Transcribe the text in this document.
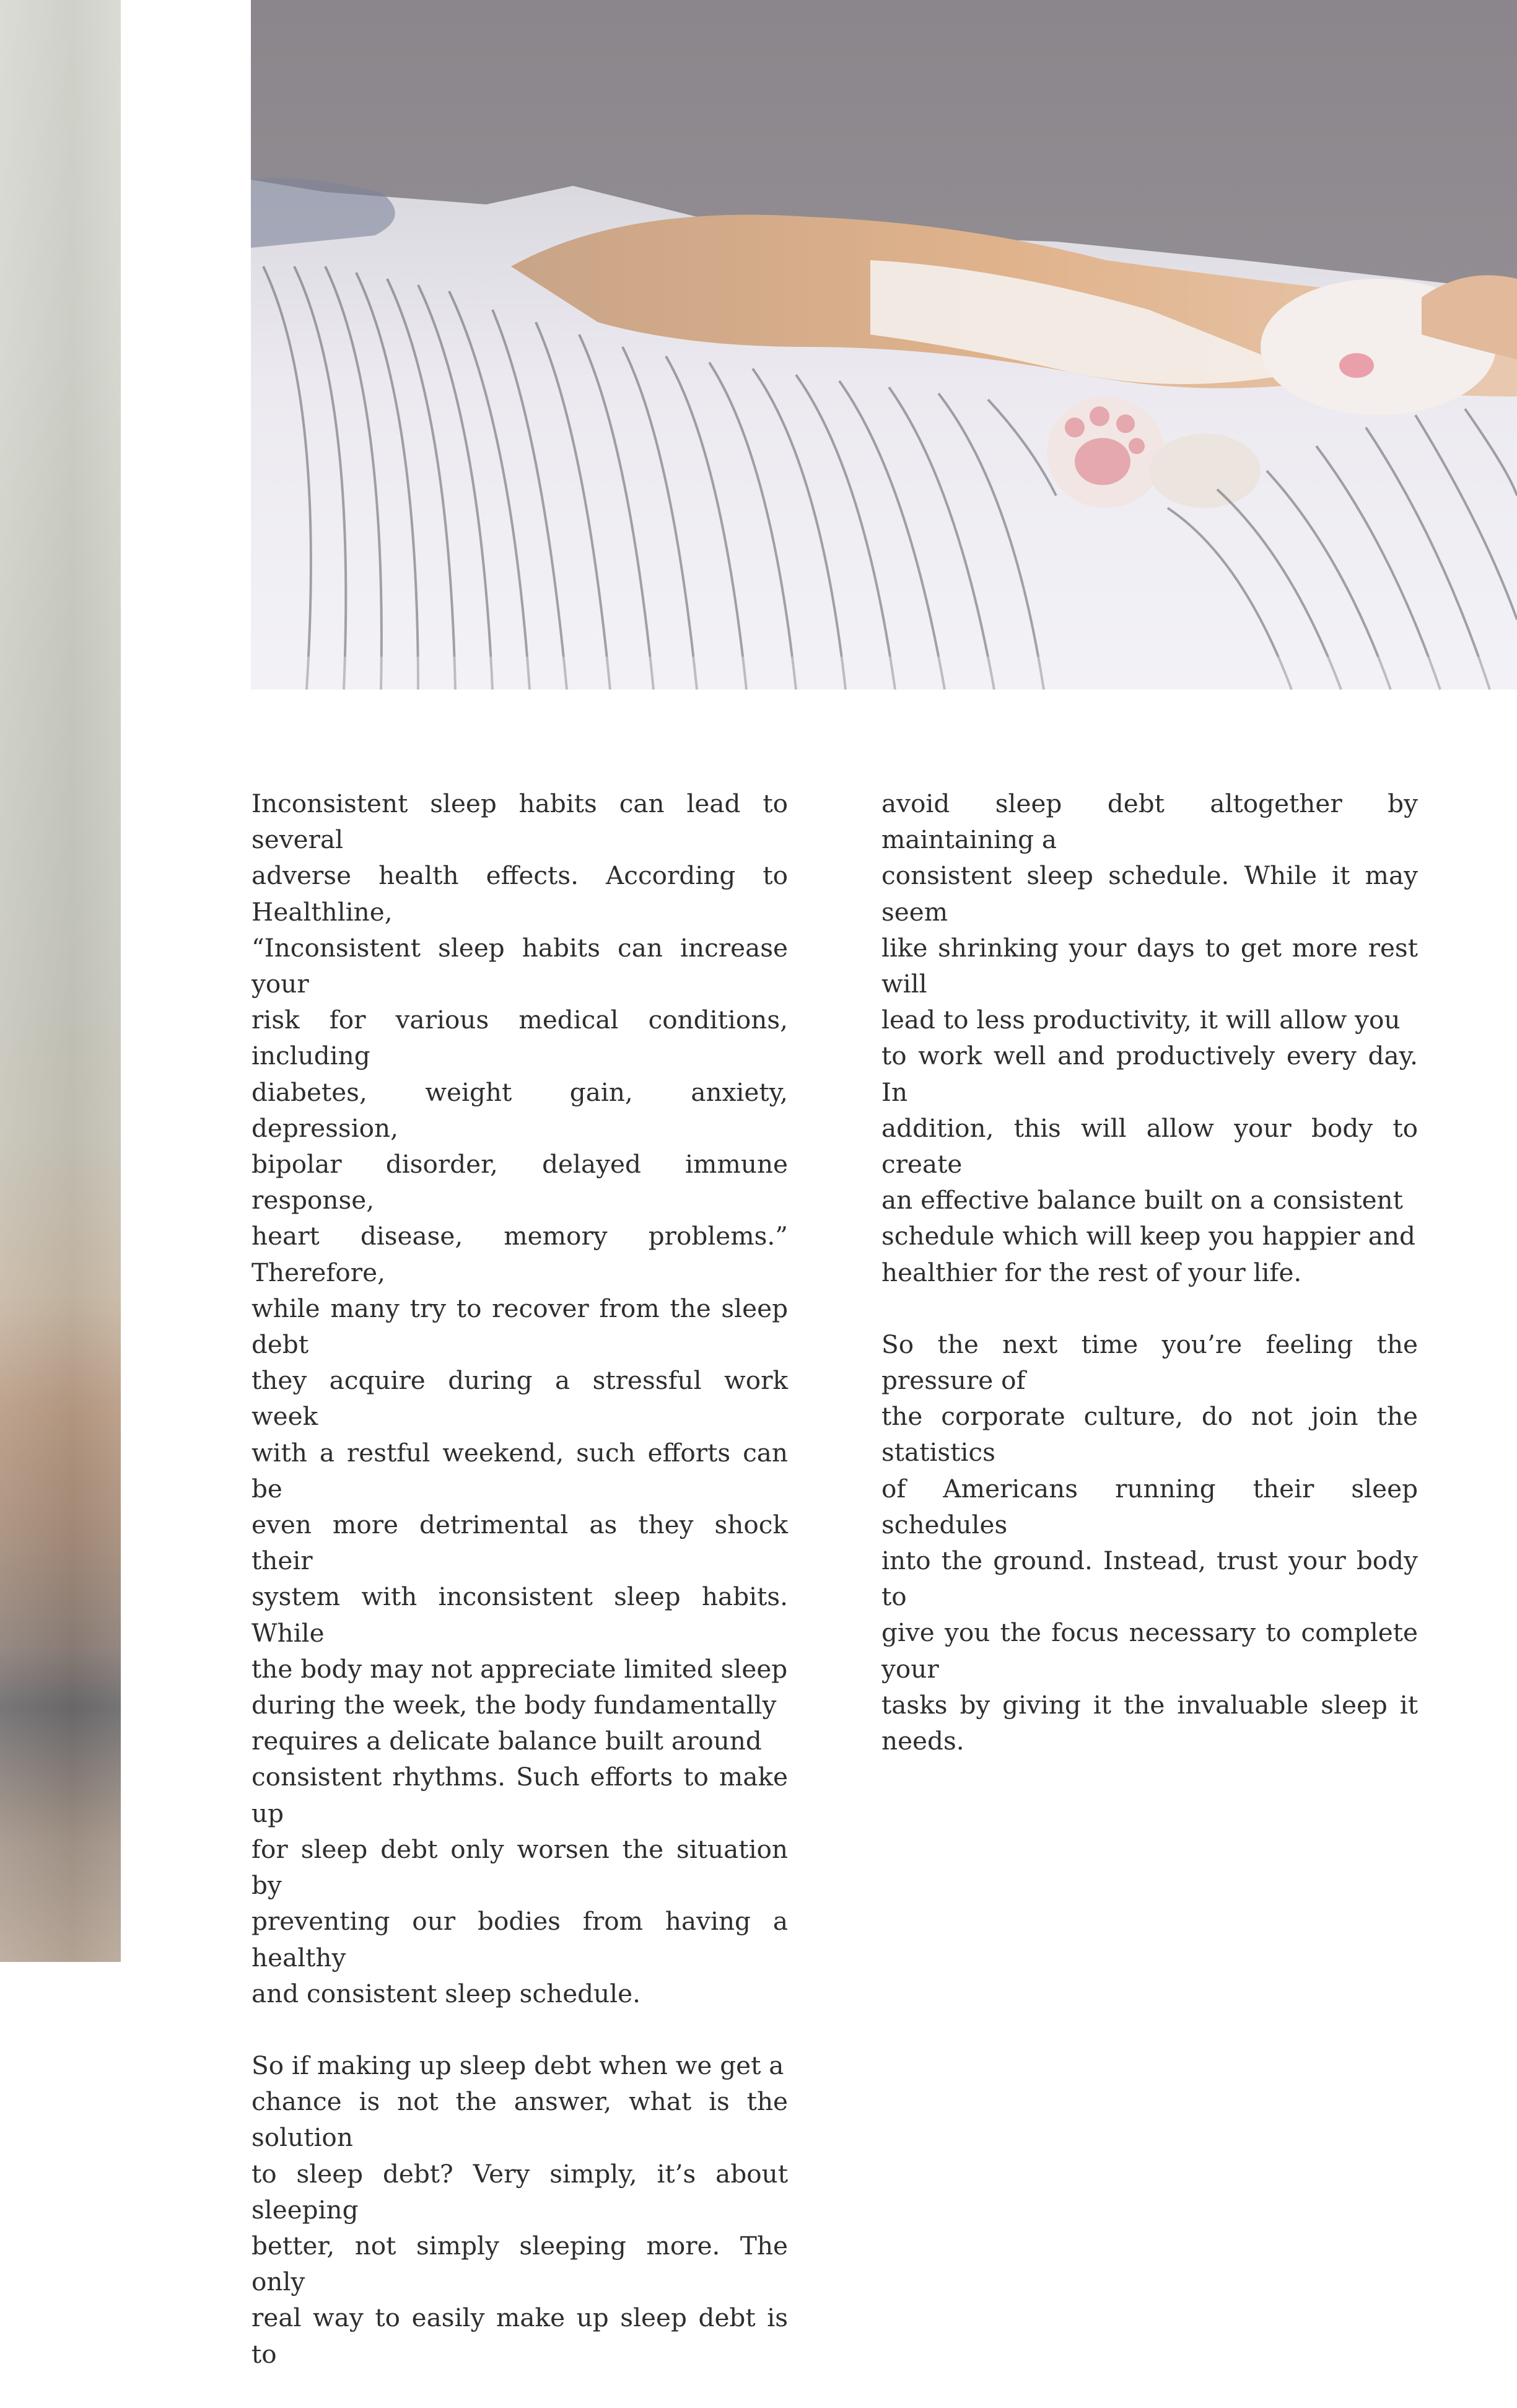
Inconsistent sleep habits can lead to several
adverse health effects. According to Healthline,
“Inconsistent sleep habits can increase your
risk for various medical conditions, including
diabetes, weight gain, anxiety, depression,
bipolar disorder, delayed immune response,
heart disease, memory problems.” Therefore,
while many try to recover from the sleep debt
they acquire during a stressful work week
with a restful weekend, such efforts can be
even more detrimental as they shock their
system with inconsistent sleep habits. While
the body may not appreciate limited sleep
during the week, the body fundamentally
requires a delicate balance built around
consistent rhythms. Such efforts to make up
for sleep debt only worsen the situation by
preventing our bodies from having a healthy
and consistent sleep schedule.

So if making up sleep debt when we get a
chance is not the answer, what is the solution
to sleep debt? Very simply, it’s about sleeping
better, not simply sleeping more. The only
real way to easily make up sleep debt is to

avoid sleep debt altogether by maintaining a
consistent sleep schedule. While it may seem
like shrinking your days to get more rest will
lead to less productivity, it will allow you
to work well and productively every day. In
addition, this will allow your body to create
an effective balance built on a consistent
schedule which will keep you happier and
healthier for the rest of your life.

So the next time you’re feeling the pressure of
the corporate culture, do not join the statistics
of Americans running their sleep schedules
into the ground. Instead, trust your body to
give you the focus necessary to complete your
tasks by giving it the invaluable sleep it needs.
